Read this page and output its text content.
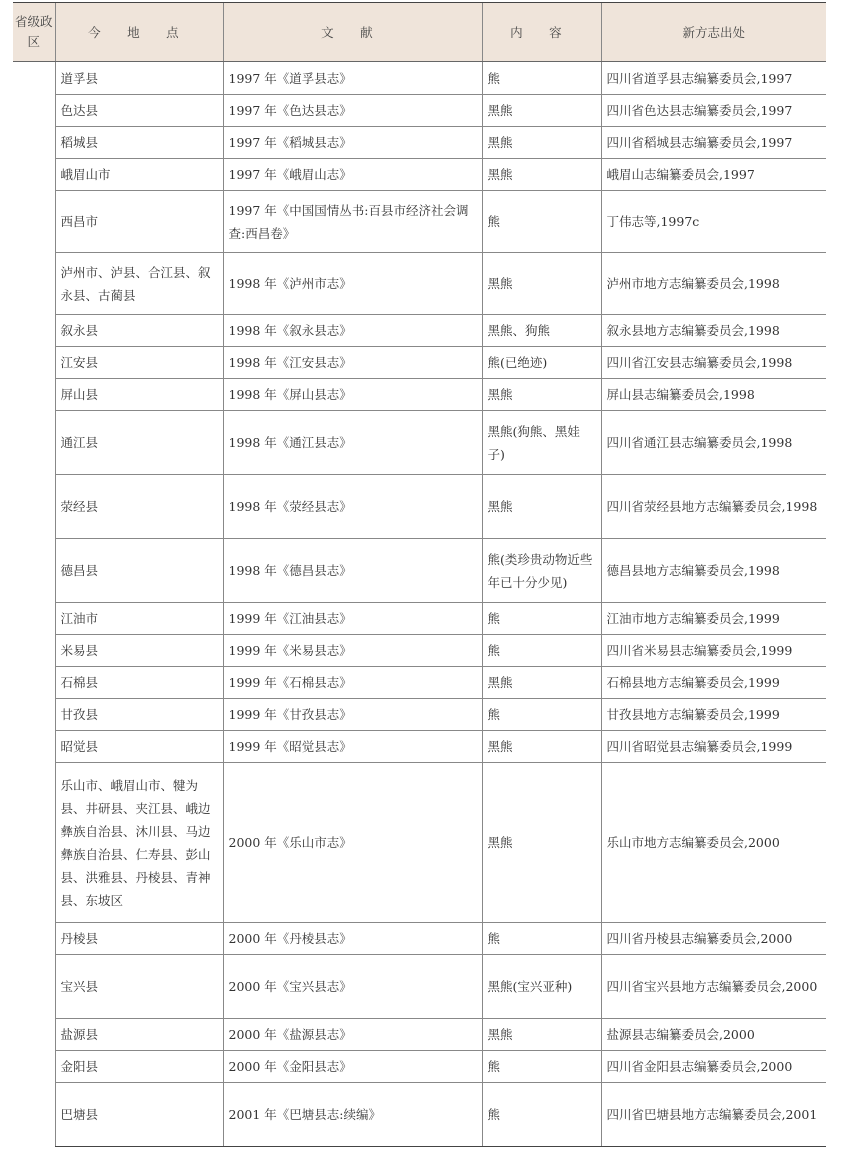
省级政区	今 地 点	文 献	内 容	新方志出处
	道孚县	1997 年《道孚县志》	熊	四川省道孚县志编纂委员会,1997
	色达县	1997 年《色达县志》	黑熊	四川省色达县志编纂委员会,1997
	稻城县	1997 年《稻城县志》	黑熊	四川省稻城县志编纂委员会,1997
	峨眉山市	1997 年《峨眉山志》	黑熊	峨眉山志编纂委员会,1997
	西昌市	1997 年《中国国情丛书:百县市经济社会调查:西昌卷》	熊	丁伟志等,1997c
	泸州市、泸县、合江县、叙永县、古蔺县	1998 年《泸州市志》	黑熊	泸州市地方志编纂委员会,1998
	叙永县	1998 年《叙永县志》	黑熊、狗熊	叙永县地方志编纂委员会,1998
	江安县	1998 年《江安县志》	熊(已绝迹)	四川省江安县志编纂委员会,1998
	屏山县	1998 年《屏山县志》	黑熊	屏山县志编纂委员会,1998
	通江县	1998 年《通江县志》	黑熊(狗熊、黑娃子)	四川省通江县志编纂委员会,1998
	荥经县	1998 年《荥经县志》	黑熊	四川省荥经县地方志编纂委员会,1998
	德昌县	1998 年《德昌县志》	熊(类珍贵动物近些年已十分少见)	德昌县地方志编纂委员会,1998
	江油市	1999 年《江油县志》	熊	江油市地方志编纂委员会,1999
	米易县	1999 年《米易县志》	熊	四川省米易县志编纂委员会,1999
	石棉县	1999 年《石棉县志》	黑熊	石棉县地方志编纂委员会,1999
	甘孜县	1999 年《甘孜县志》	熊	甘孜县地方志编纂委员会,1999
	昭觉县	1999 年《昭觉县志》	黑熊	四川省昭觉县志编纂委员会,1999
	乐山市、峨眉山市、犍为县、井研县、夹江县、峨边彝族自治县、沐川县、马边彝族自治县、仁寿县、彭山县、洪雅县、丹棱县、青神县、东坡区	2000 年《乐山市志》	黑熊	乐山市地方志编纂委员会,2000
	丹棱县	2000 年《丹棱县志》	熊	四川省丹棱县志编纂委员会,2000
	宝兴县	2000 年《宝兴县志》	黑熊(宝兴亚种)	四川省宝兴县地方志编纂委员会,2000
	盐源县	2000 年《盐源县志》	黑熊	盐源县志编纂委员会,2000
	金阳县	2000 年《金阳县志》	熊	四川省金阳县志编纂委员会,2000
	巴塘县	2001 年《巴塘县志:续编》	熊	四川省巴塘县地方志编纂委员会,2001
